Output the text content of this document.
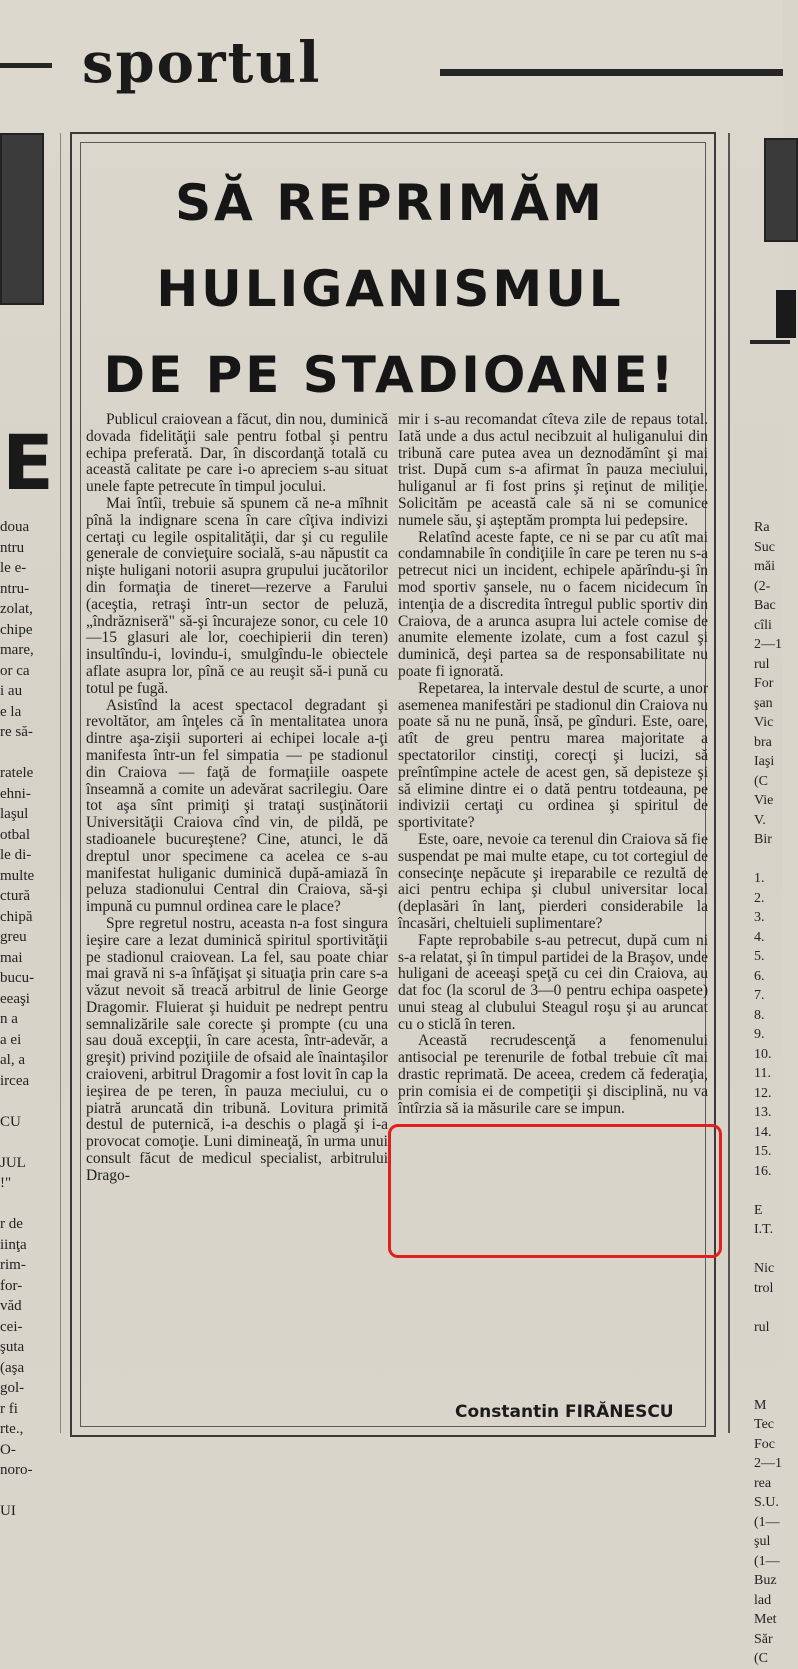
sportul
E
doua
ntru
le e-
ntru-
zolat,
chipe
mare,
or ca
i au
e la
re să-

ratele
ehni-
laşul
otbal
le di-
multe
ctură
chipă
greu
mai
bucu-
eeaşi
n a
a ei
al, a
ircea

CU

JUL
!"

r de
iinţa
rim-
for-
văd
cei-
şuta
(aşa
gol-
r fi
rte.,
O-
noro-

UI
SĂ REPRIMĂM
HULIGANISMUL
DE PE STADIOANE!

Publicul craiovean a făcut, din nou, duminică dovada fidelităţii sale pentru fotbal şi pentru echipa preferată. Dar, în discordanţă totală cu această calitate pe care i-o apreciem s-au situat unele fapte petrecute în timpul jocului.

Mai întîi, trebuie să spunem că ne-a mîhnit pînă la indignare scena în care cîţiva indivizi certaţi cu legile ospitalităţii, dar şi cu regulile generale de convieţuire socială, s-au năpustit ca nişte huligani notorii asupra grupului jucătorilor din formaţia de tineret—rezerve a Farului (aceştia, retraşi într-un sector de peluză, „îndrăzniseră" să-şi încurajeze sonor, cu cele 10—15 glasuri ale lor, coechipierii din teren) insultîndu-i, lovindu-i, smulgîndu-le obiectele aflate asupra lor, pînă ce au reuşit să-i pună cu totul pe fugă.

Asistînd la acest spectacol degradant şi revoltător, am înţeles că în mentalitatea unora dintre aşa-zişii suporteri ai echipei locale a-ţi manifesta într-un fel simpatia — pe stadionul din Craiova — faţă de formaţiile oaspete înseamnă a comite un adevărat sacrilegiu. Oare tot aşa sînt primiţi şi trataţi susţinătorii Universităţii Craiova cînd vin, de pildă, pe stadioanele bucureştene? Cine, atunci, le dă dreptul unor specimene ca acelea ce s-au manifestat huliganic duminică după-amiază în peluza stadionului Central din Craiova, să-şi impună cu pumnul ordinea care le place?

Spre regretul nostru, aceasta n-a fost singura ieşire care a lezat duminică spiritul sportivităţii pe stadionul craiovean. La fel, sau poate chiar mai gravă ni s-a înfăţişat şi situaţia prin care s-a văzut nevoit să treacă arbitrul de linie George Dragomir. Fluierat şi huiduit pe nedrept pentru semnalizările sale corecte şi prompte (cu una sau două excepţii, în care acesta, într-adevăr, a greşit) privind poziţiile de ofsaid ale înaintaşilor craioveni, arbitrul Dragomir a fost lovit în cap la ieşirea de pe teren, în pauza meciului, cu o piatră aruncată din tribună. Lovitura primită destul de puternică, i-a deschis o plagă şi i-a provocat comoţie. Luni dimineaţă, în urma unui consult făcut de medicul specialist, arbitrului Drago-

mir i s-au recomandat cîteva zile de repaus total. Iată unde a dus actul necibzuit al huliganului din tribună care putea avea un deznodămînt şi mai trist. După cum s-a afirmat în pauza meciului, huliganul ar fi fost prins şi reţinut de miliţie. Solicităm pe această cale să ni se comunice numele său, şi aşteptăm prompta lui pedepsire.

Relatînd aceste fapte, ce ni se par cu atît mai condamnabile în condiţiile în care pe teren nu s-a petrecut nici un incident, echipele apărîndu-şi în mod sportiv şansele, nu o facem nicidecum în intenţia de a discredita întregul public sportiv din Craiova, de a arunca asupra lui actele comise de anumite elemente izolate, cum a fost cazul şi duminică, deşi partea sa de responsabilitate nu poate fi ignorată.

Repetarea, la intervale destul de scurte, a unor asemenea manifestări pe stadionul din Craiova nu poate să nu ne pună, însă, pe gînduri. Este, oare, atît de greu pentru marea majoritate a spectatorilor cinstiţi, corecţi şi lucizi, să preîntîmpine actele de acest gen, să depisteze şi să elimine dintre ei o dată pentru totdeauna, pe indivizii certaţi cu ordinea şi spiritul de sportivitate?

Este, oare, nevoie ca terenul din Craiova să fie suspendat pe mai multe etape, cu tot cortegiul de consecinţe nepăcute şi ireparabile ce rezultă de aici pentru echipa şi clubul universitar local (deplasări în lanţ, pierderi considerabile la încasări, cheltuieli suplimentare?

Fapte reprobabile s-au petrecut, după cum ni s-a relatat, şi în timpul partidei de la Braşov, unde huligani de aceeaşi speţă cu cei din Craiova, au dat foc (la scorul de 3—0 pentru echipa oaspete) unui steag al clubului Steagul roşu şi au aruncat cu o sticlă în teren.

Această recrudescenţă a fenomenului antisocial pe terenurile de fotbal trebuie cît mai drastic reprimată. De aceea, credem că federaţia, prin comisia ei de competiţii şi disciplină, nu va întîrzia să ia măsurile care se impun.

Constantin FIRĂNESCU
Ra
Suc
măi
(2-
Bac
cîli
2—1
rul
For
şan
Vic
bra
Iaşi
(C
Vie
V.
Bir

1.
2.
3.
4.
5.
6.
7.
8.
9.
10.
11.
12.
13.
14.
15.
16.

E
I.T.

Nic
trol

rul

M
Tec
Foc
2—1
rea
S.U.
(1—
şul
(1—
Buz
lad
Met
Săr
(C
